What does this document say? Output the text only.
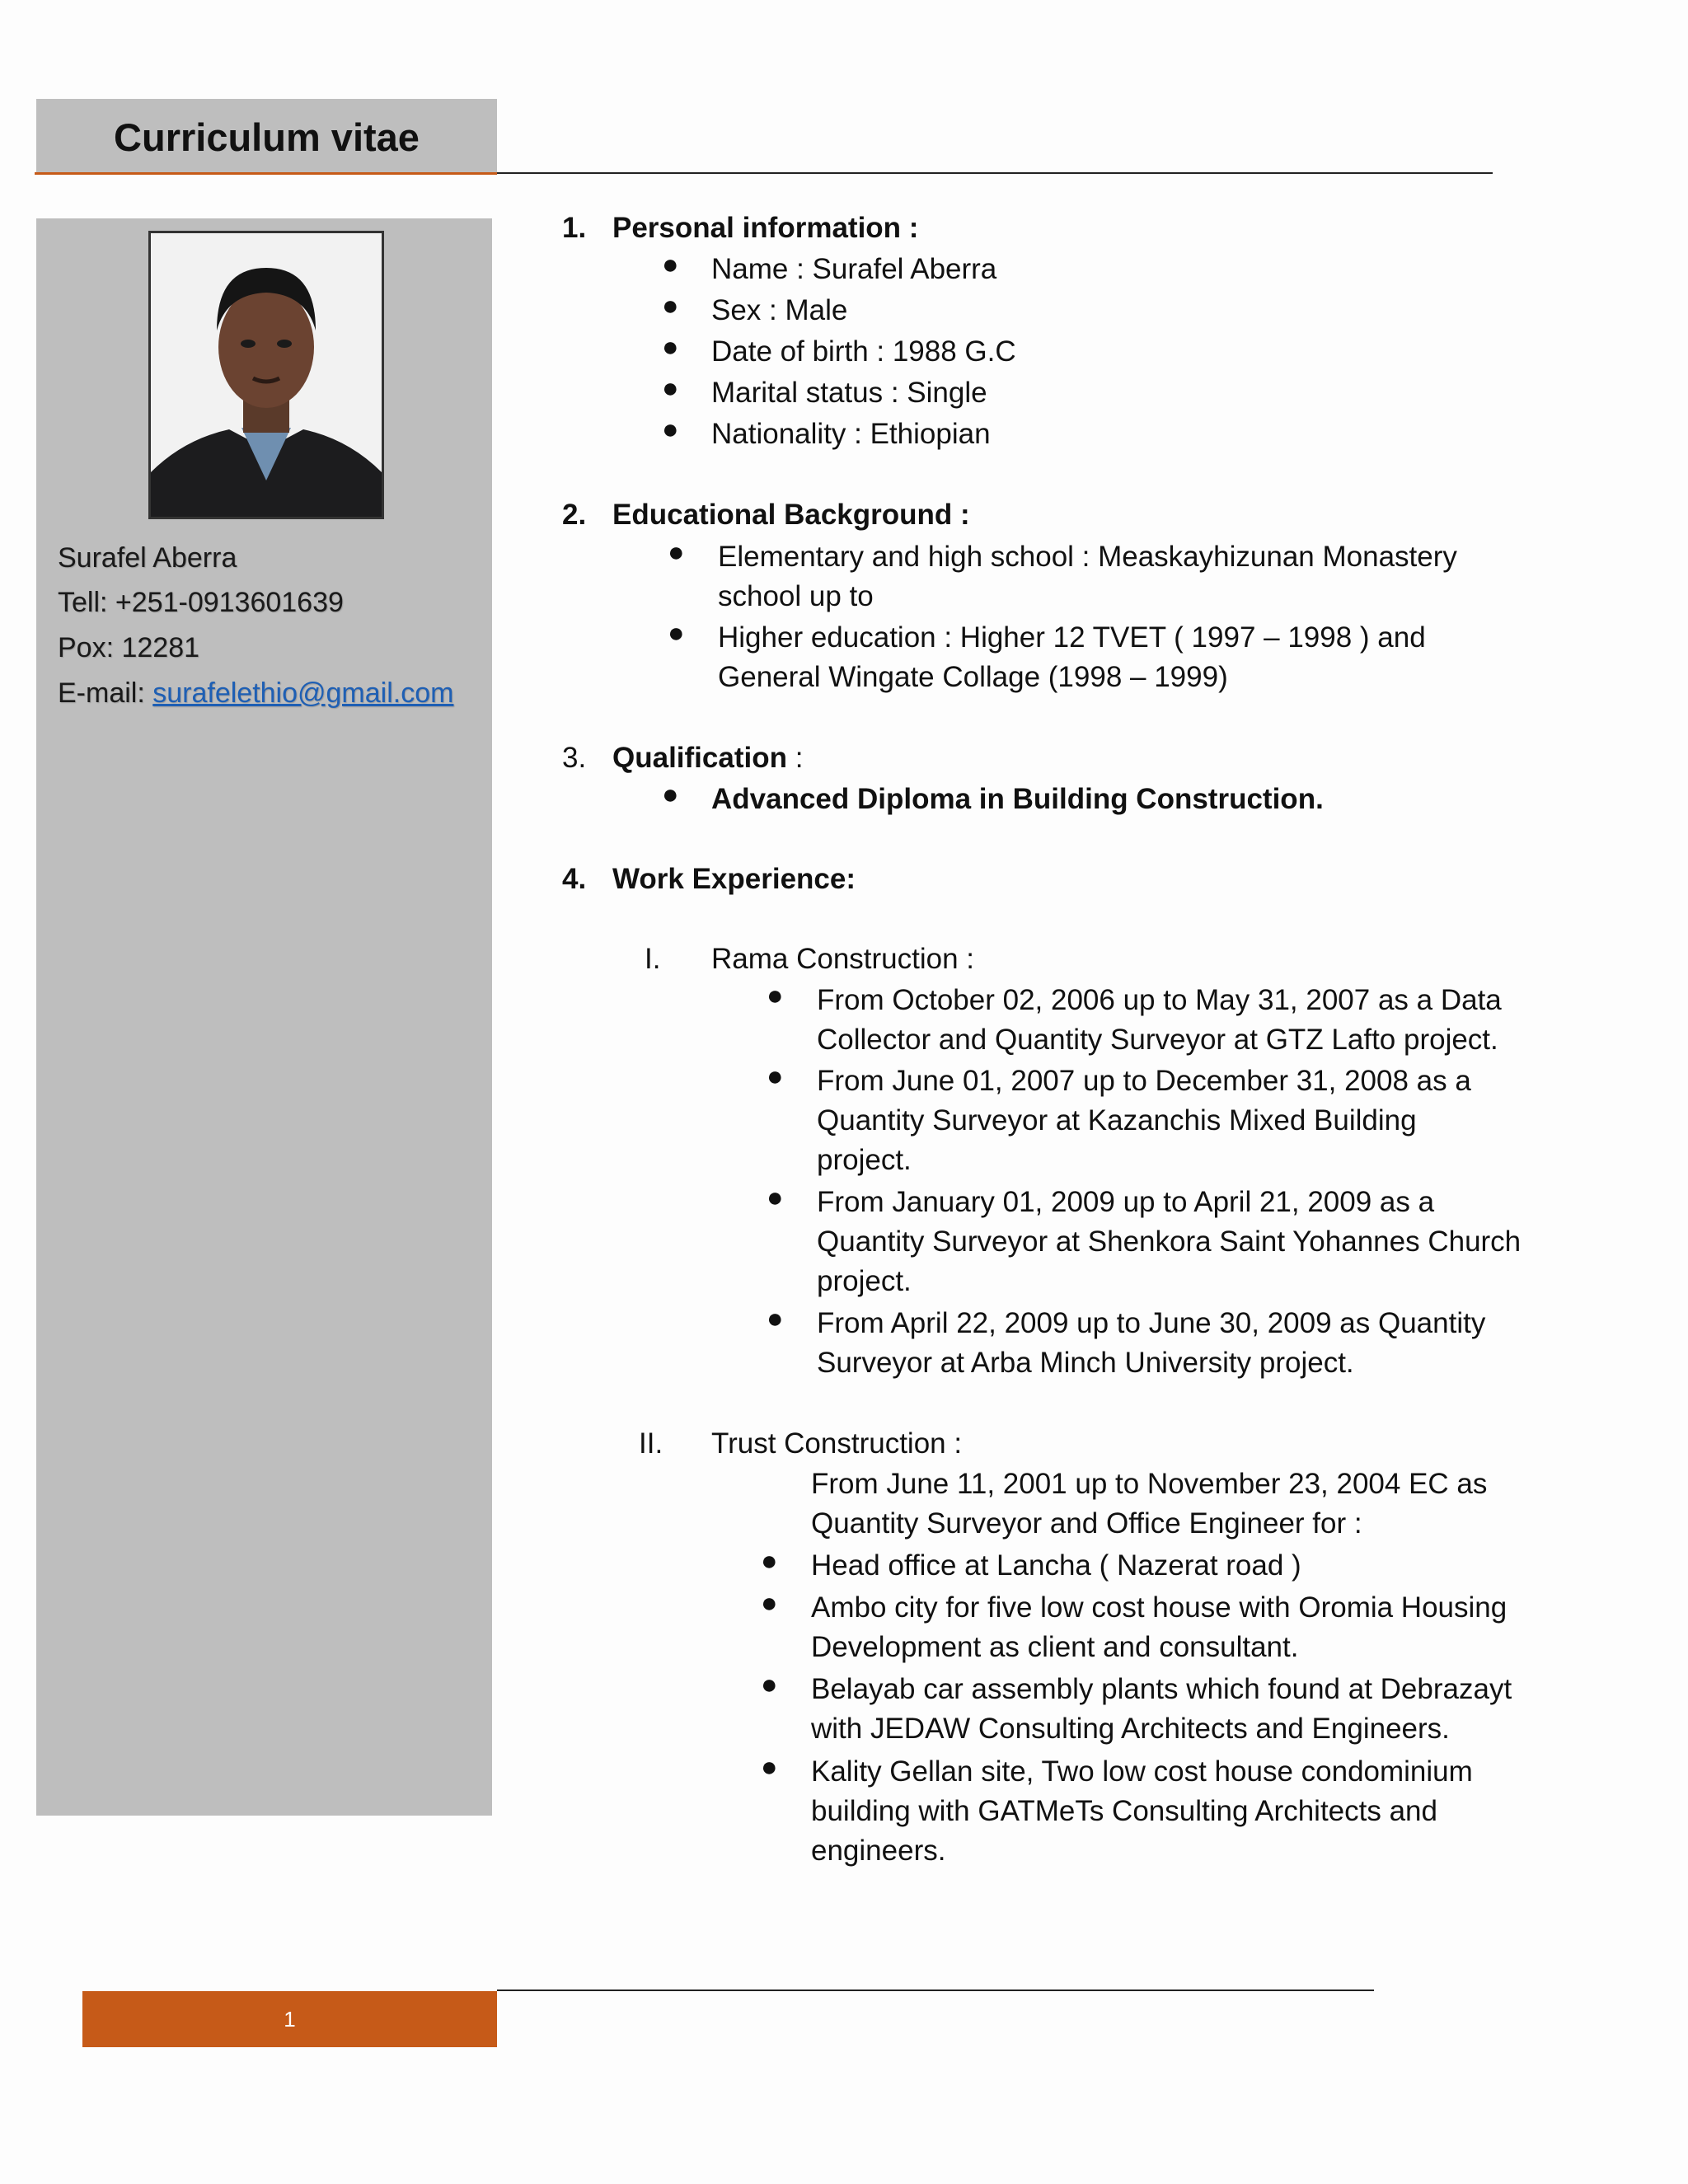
Curriculum vitae
Surafel Aberra
Tell: +251-0913601639
Pox: 12281
E-mail: surafelethio@gmail.com
1. Personal information :
● Name : Surafel Aberra
● Sex : Male
● Date of birth : 1988 G.C
● Marital status : Single
● Nationality : Ethiopian
2. Educational Background :
● Elementary and high school : Measkayhizunan Monastery
school up to
● Higher education : Higher 12 TVET ( 1997 – 1998 ) and
General Wingate Collage (1998 – 1999)
3. Qualification :
● Advanced Diploma in Building Construction.
4. Work Experience:
I. Rama Construction :
● From October 02, 2006 up to May 31, 2007 as a Data
Collector and Quantity Surveyor at GTZ Lafto project.
● From June 01, 2007 up to December 31, 2008 as a
Quantity Surveyor at Kazanchis Mixed Building
project.
● From January 01, 2009 up to April 21, 2009 as a
Quantity Surveyor at Shenkora Saint Yohannes Church
project.
● From April 22, 2009 up to June 30, 2009 as Quantity
Surveyor at Arba Minch University project.
II. Trust Construction :
From June 11, 2001 up to November 23, 2004 EC as
Quantity Surveyor and Office Engineer for :
● Head office at Lancha ( Nazerat road )
● Ambo city for five low cost house with Oromia Housing
Development as client and consultant.
● Belayab car assembly plants which found at Debrazayt
with JEDAW Consulting Architects and Engineers.
● Kality Gellan site, Two low cost house condominium
building with GATMeTs Consulting Architects and
engineers.
1
